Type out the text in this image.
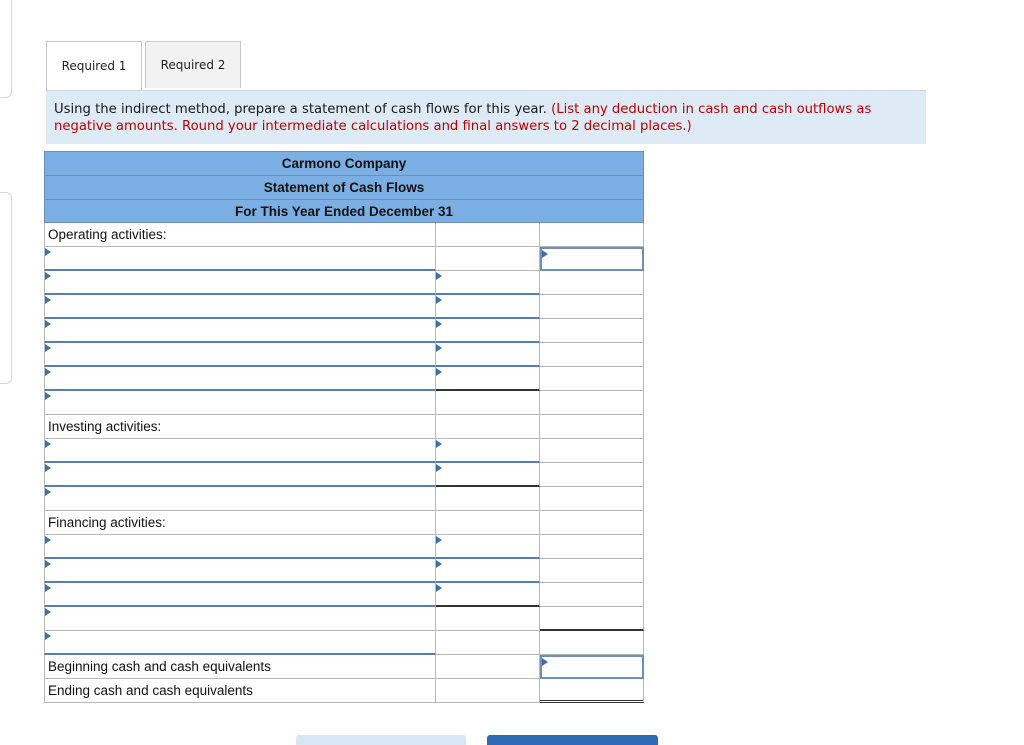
Required 1	Required 2
Using the indirect method, prepare a statement of cash flows for this year. (List any deduction in cash and cash outflows as negative amounts. Round your intermediate calculations and final answers to 2 decimal places.)
Carmono Company
Statement of Cash Flows
For This Year Ended December 31
Operating activities:
Investing activities:
Financing activities:
Beginning cash and cash equivalents
Ending cash and cash equivalents
